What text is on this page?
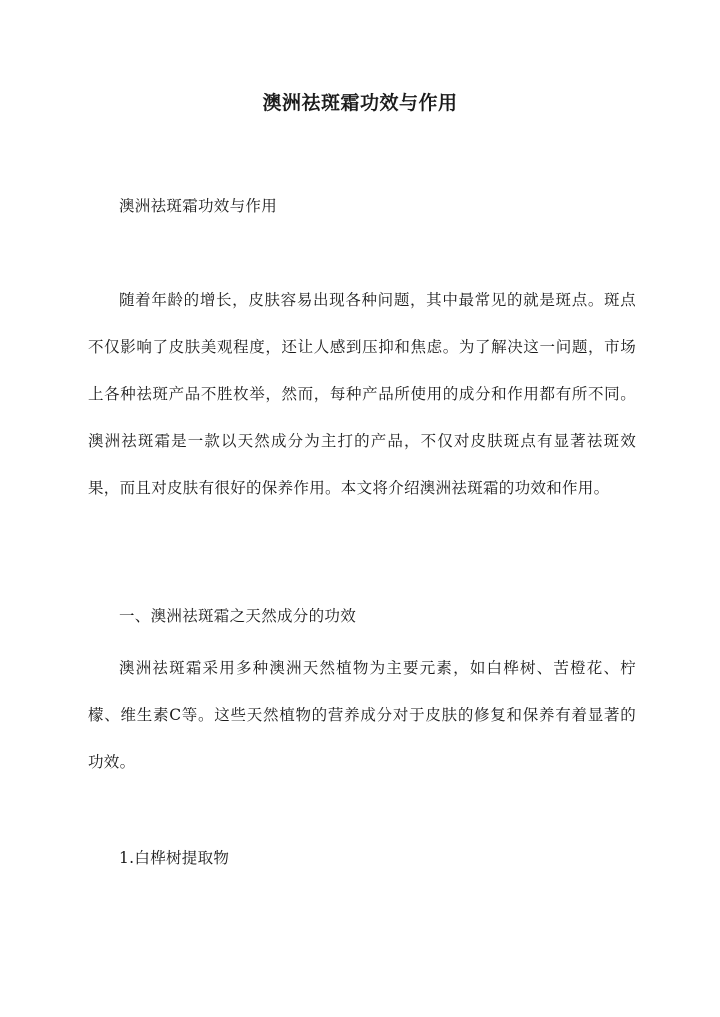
澳洲祛斑霜功效与作用
澳洲祛斑霜功效与作用

随着年龄的增长，皮肤容易出现各种问题，其中最常见的就是斑点。斑点不仅影响了皮肤美观程度，还让人感到压抑和焦虑。为了解决这一问题，市场上各种祛斑产品不胜枚举，然而，每种产品所使用的成分和作用都有所不同。澳洲祛斑霜是一款以天然成分为主打的产品，不仅对皮肤斑点有显著祛斑效果，而且对皮肤有很好的保养作用。本文将介绍澳洲祛斑霜的功效和作用。

一、澳洲祛斑霜之天然成分的功效

澳洲祛斑霜采用多种澳洲天然植物为主要元素，如白桦树、苦橙花、柠檬、维生素C等。这些天然植物的营养成分对于皮肤的修复和保养有着显著的功效。

1.白桦树提取物
